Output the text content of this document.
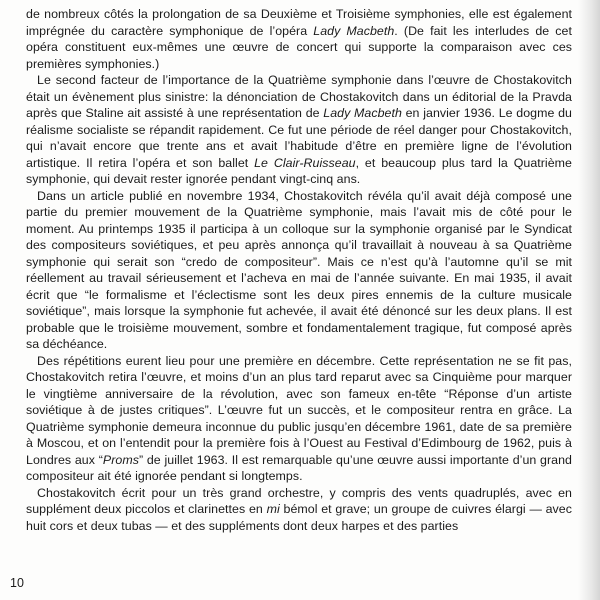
de nombreux côtés la prolongation de sa Deuxième et Troisième symphonies, elle est également imprégnée du caractère symphonique de l’opéra Lady Macbeth. (De fait les interludes de cet opéra constituent eux-mêmes une œuvre de concert qui supporte la comparaison avec ces premières symphonies.)

Le second facteur de l’importance de la Quatrième symphonie dans l’œuvre de Chostakovitch était un évènement plus sinistre: la dénonciation de Chostakovitch dans un éditorial de la Pravda après que Staline ait assisté à une représentation de Lady Macbeth en janvier 1936. Le dogme du réalisme socialiste se répandit rapidement. Ce fut une période de réel danger pour Chostakovitch, qui n’avait encore que trente ans et avait l’habitude d’être en première ligne de l’évolution artistique. Il retira l’opéra et son ballet Le Clair-Ruisseau, et beaucoup plus tard la Quatrième symphonie, qui devait rester ignorée pendant vingt-cinq ans.

Dans un article publié en novembre 1934, Chostakovitch révéla qu’il avait déjà composé une partie du premier mouvement de la Quatrième symphonie, mais l’avait mis de côté pour le moment. Au printemps 1935 il participa à un colloque sur la symphonie organisé par le Syndicat des compositeurs soviétiques, et peu après annonça qu’il travaillait à nouveau à sa Quatrième symphonie qui serait son “credo de compositeur”. Mais ce n’est qu’à l’automne qu’il se mit réellement au travail sérieusement et l’acheva en mai de l’année suivante. En mai 1935, il avait écrit que “le formalisme et l’éclectisme sont les deux pires ennemis de la culture musicale soviétique”, mais lorsque la symphonie fut achevée, il avait été dénoncé sur les deux plans. Il est probable que le troisième mouvement, sombre et fondamentalement tragique, fut composé après sa déchéance.

Des répétitions eurent lieu pour une première en décembre. Cette représentation ne se fit pas, Chostakovitch retira l’œuvre, et moins d’un an plus tard reparut avec sa Cinquième pour marquer le vingtième anniversaire de la révolution, avec son fameux en-tête “Réponse d’un artiste soviétique à de justes critiques”. L’œuvre fut un succès, et le compositeur rentra en grâce. La Quatrième symphonie demeura inconnue du public jusqu’en décembre 1961, date de sa première à Moscou, et on l’entendit pour la première fois à l’Ouest au Festival d’Edimbourg de 1962, puis à Londres aux “Proms” de juillet 1963. Il est remarquable qu’une œuvre aussi importante d’un grand compositeur ait été ignorée pendant si longtemps.

Chostakovitch écrit pour un très grand orchestre, y compris des vents quadruplés, avec en supplément deux piccolos et clarinettes en mi bémol et grave; un groupe de cuivres élargi — avec huit cors et deux tubas — et des suppléments dont deux harpes et des parties

10
